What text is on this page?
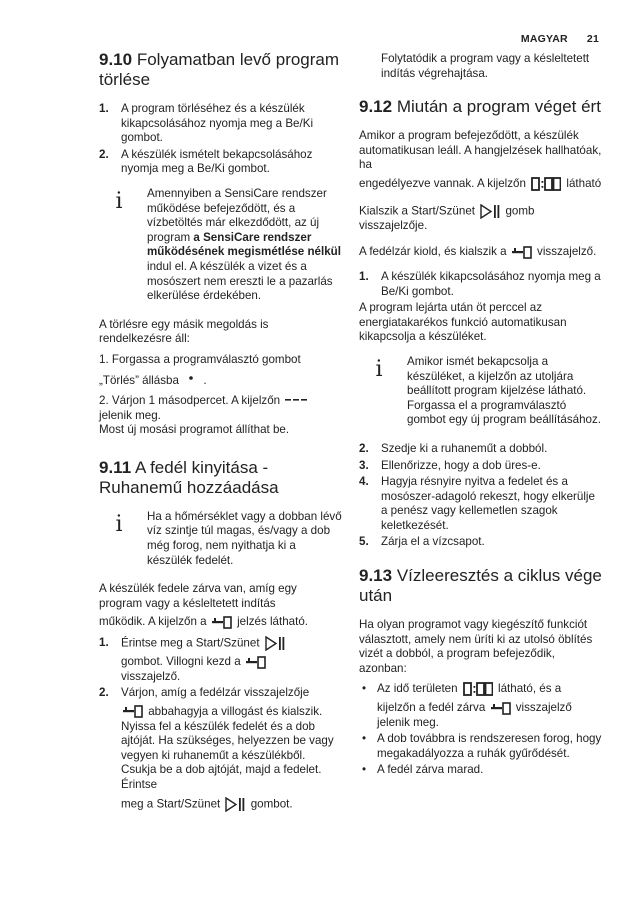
MAGYAR 21
9.10 Folyamatban levő program törlése
1. A program törléséhez és a készülék kikapcsolásához nyomja meg a Be/Ki gombot.
2. A készülék ismételt bekapcsolásához nyomja meg a Be/Ki gombot.
i Amennyiben a SensiCare rendszer működése befejeződött, és a vízbetöltés már elkezdődött, az új program a SensiCare rendszer működésének megismétlése nélkül indul el. A készülék a vizet és a mosószert nem ereszti le a pazarlás elkerülése érdekében.

A törlésre egy másik megoldás is rendelkezésre áll:

1. Forgassa a programválasztó gombot
„Törlés” állásba .
2. Várjon 1 másodpercet. A kijelzőn  jelenik meg.

Most új mosási programot állíthat be.

9.11 A fedél kinyitása - Ruhanemű hozzáadása
i Ha a hőmérséklet vagy a dobban lévő víz szintje túl magas, és/vagy a dob még forog, nem nyithatja ki a készülék fedelét.

A készülék fedele zárva van, amíg egy program vagy a késleltetett indítás
működik. A kijelzőn a	jelzés látható.

1. Érintse meg a Start/Szünet
gombot. Villogni kezd a
visszajelző.
2. Várjon, amíg a fedélzár visszajelzője
abbahagyja a villogást és kialszik. Nyissa fel a készülék fedelét és a dob ajtóját. Ha szükséges, helyezzen be vagy vegyen ki ruhaneműt a készülékből. Csukja be a dob ajtóját, majd a fedelet. Érintse
meg a Start/Szünet	gombot.

Folytatódik a program vagy a késleltetett indítás végrehajtása.

9.12 Miután a program véget ért

Amikor a program befejeződött, a készülék automatikusan leáll. A hangjelzések hallhatóak, ha
engedélyezve vannak. A kijelzőn	látható

Kialszik a Start/Szünet	gomb visszajelzője.

A fedélzár kiold, és kialszik a	visszajelző.

1. A készülék kikapcsolásához nyomja meg a Be/Ki gombot.

A program lejárta után öt perccel az energiatakarékos funkció automatikusan kikapcsolja a készüléket.

i Amikor ismét bekapcsolja a készüléket, a kijelzőn az utoljára beállított program kijelzése látható. Forgassa el a programválasztó gombot egy új program beállításához.
2. Szedje ki a ruhaneműt a dobból.
3. Ellenőrizze, hogy a dob üres-e.
4. Hagyja résnyire nyitva a fedelet és a mosószer-adagoló rekeszt, hogy elkerülje a penész vagy kellemetlen szagok keletkezését.
5. Zárja el a vízcsapot.
9.13 Vízleeresztés a ciklus vége után

Ha olyan programot vagy kiegészítő funkciót választott, amely nem üríti ki az utolsó öblítés vizét a dobból, a program befejeződik, azonban:

• Az idő területen	látható, és a
kijelzőn a fedél zárva	visszajelző jelenik meg.
• A dob továbbra is rendszeresen forog, hogy megakadályozza a ruhák gyűrődését.
• A fedél zárva marad.
